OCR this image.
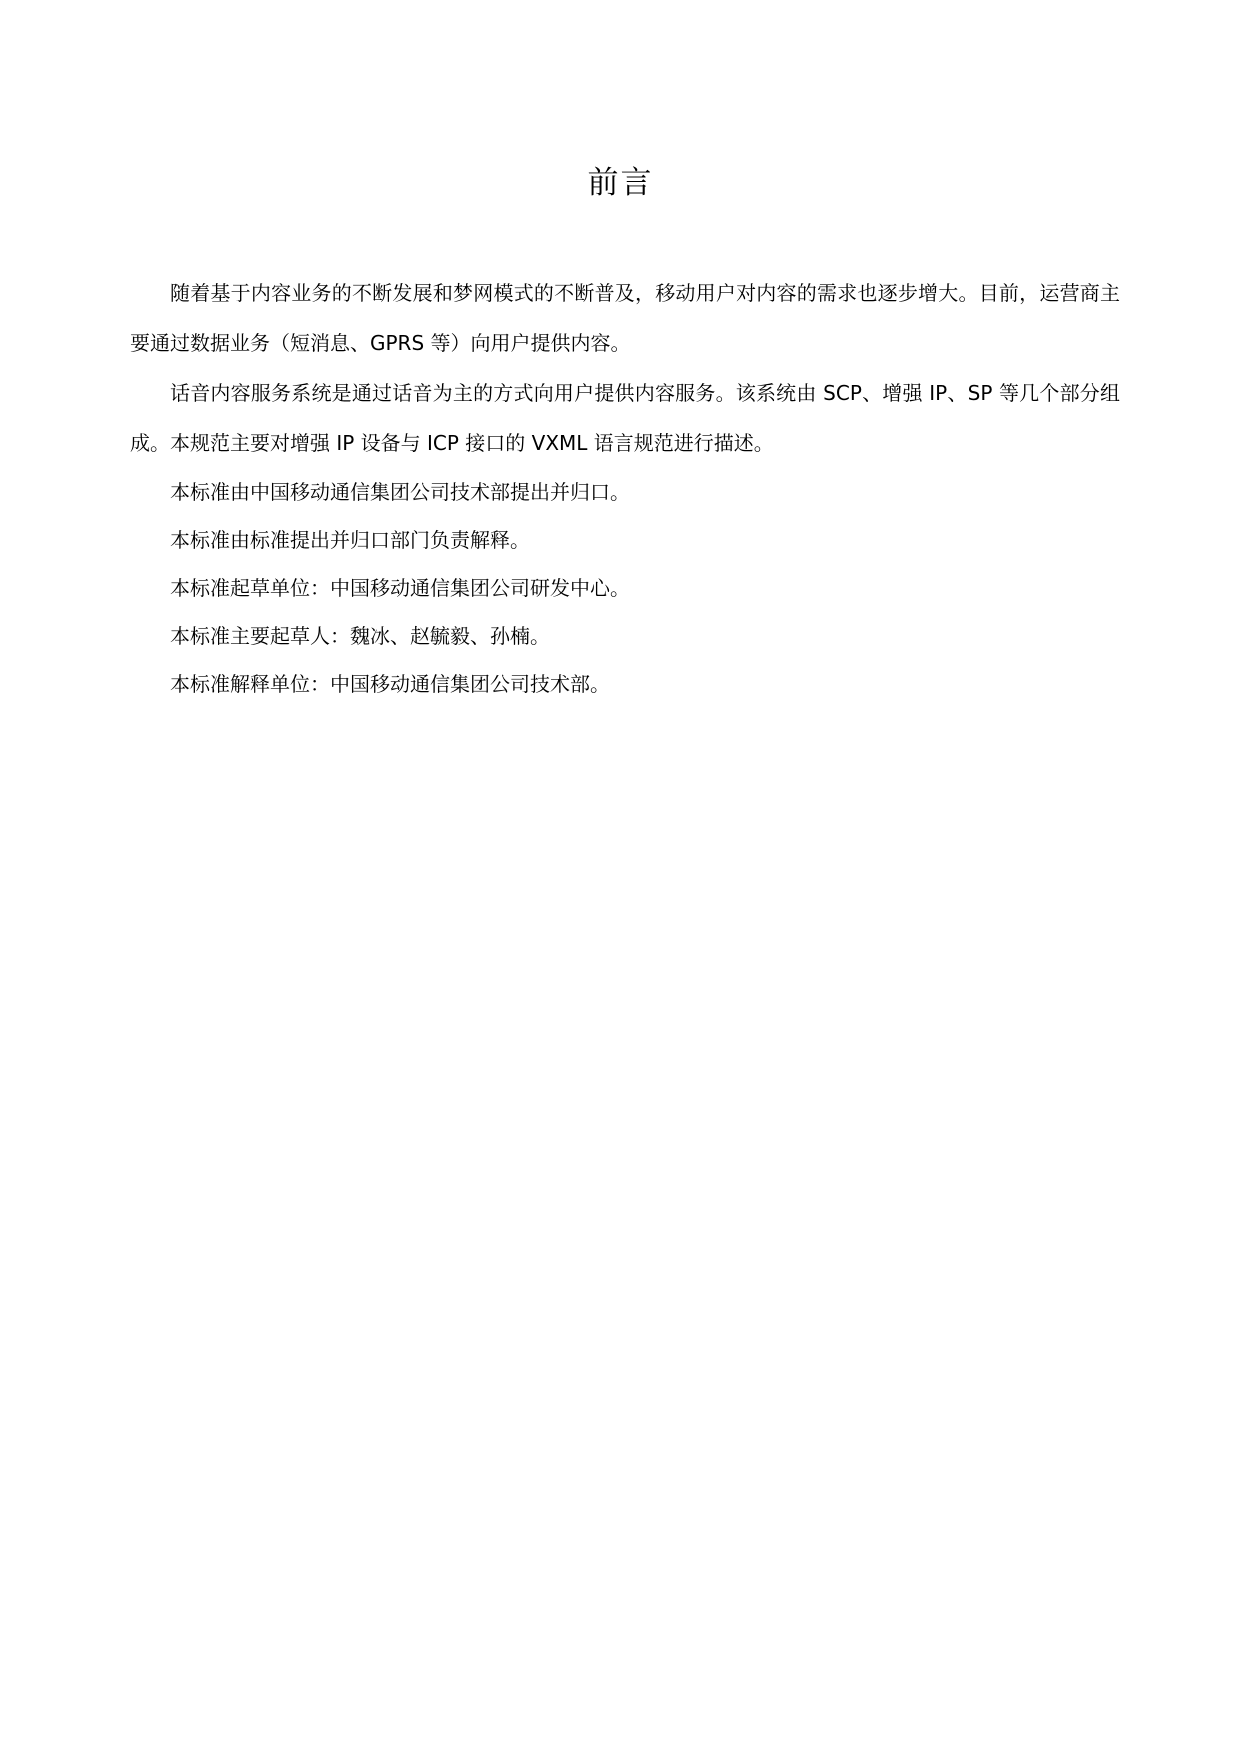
前言

随着基于内容业务的不断发展和梦网模式的不断普及，移动用户对内容的需求也逐步增大。目前，运营商主要通过数据业务（短消息、GPRS 等）向用户提供内容。

话音内容服务系统是通过话音为主的方式向用户提供内容服务。该系统由 SCP、增强 IP、SP 等几个部分组成。本规范主要对增强 IP 设备与 ICP 接口的 VXML 语言规范进行描述。

本标准由中国移动通信集团公司技术部提出并归口。

本标准由标准提出并归口部门负责解释。

本标准起草单位：中国移动通信集团公司研发中心。

本标准主要起草人：魏冰、赵毓毅、孙楠。

本标准解释单位：中国移动通信集团公司技术部。
